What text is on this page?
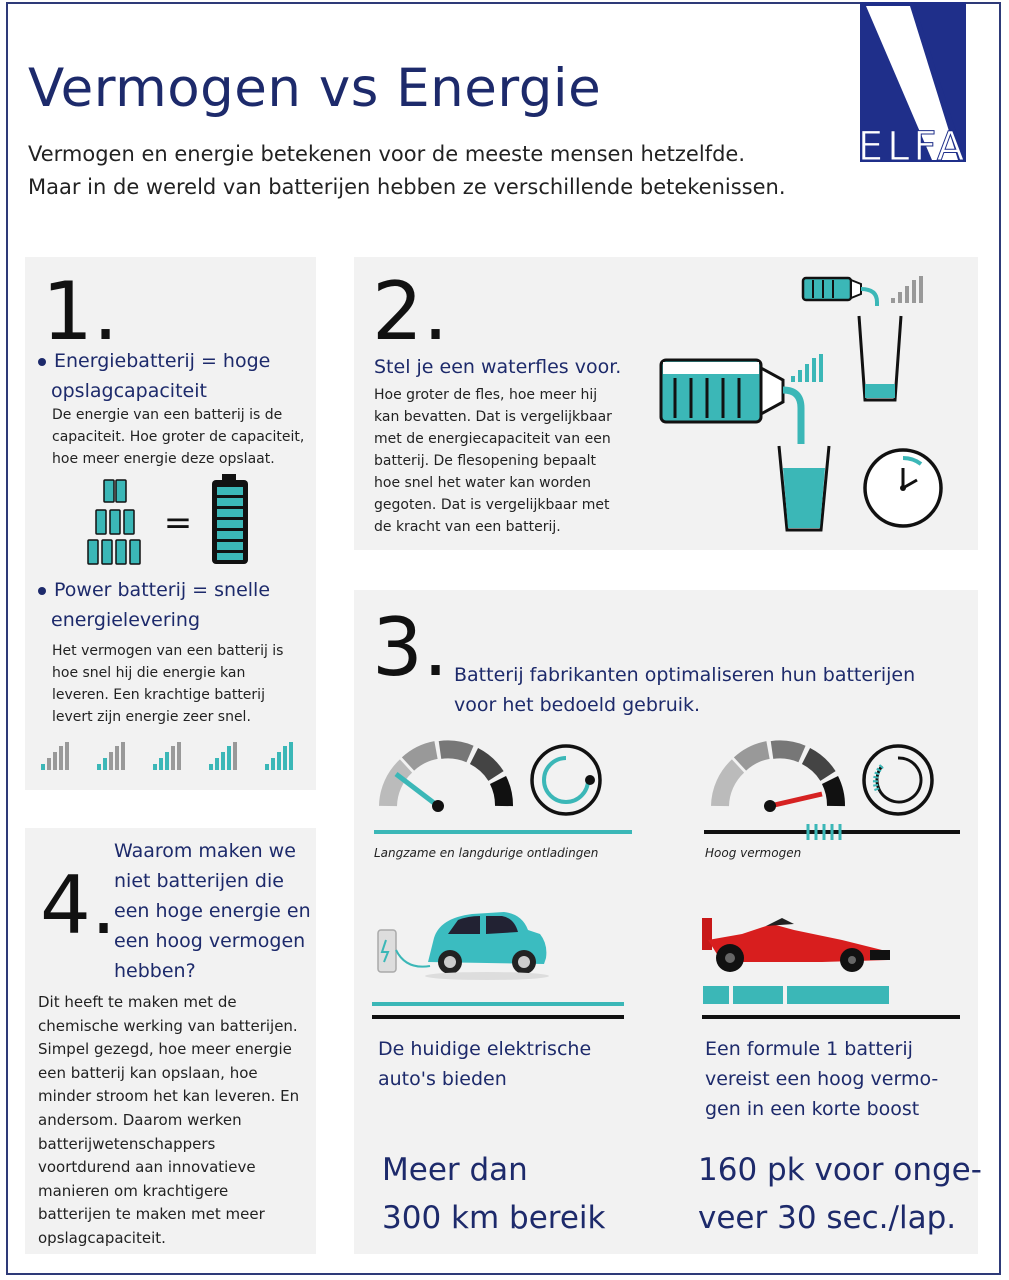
Vermogen vs Energie
Vermogen en energie betekenen voor de meeste mensen hetzelfde.
Maar in de wereld van batterijen hebben ze verschillende betekenissen.
ELFA
1.
Energiebatterij = hoge
opslagcapaciteit
De energie van een batterij is de
capaciteit. Hoe groter de capaciteit,
hoe meer energie deze opslaat.
=
Power batterij = snelle
energielevering
Het vermogen van een batterij is
hoe snel hij die energie kan
leveren. Een krachtige batterij
levert zijn energie zeer snel.
2.
Stel je een waterfles voor.
Hoe groter de fles, hoe meer hij
kan bevatten. Dat is vergelijkbaar
met de energiecapaciteit van een
batterij. De flesopening bepaalt
hoe snel het water kan worden
gegoten. Dat is vergelijkbaar met
de kracht van een batterij.
3. Batterij fabrikanten optimaliseren hun batterijen
voor het bedoeld gebruik.
Langzame en langdurige ontladingen	Hoog vermogen
De huidige elektrische
auto's bieden
Een formule 1 batterij
vereist een hoog vermo-
gen in een korte boost
Meer dan
300 km bereik
160 pk voor onge-
veer 30 sec./lap.
4.
Waarom maken we
niet batterijen die
een hoge energie en
een hoog vermogen
hebben?
Dit heeft te maken met de
chemische werking van batterijen.
Simpel gezegd, hoe meer energie
een batterij kan opslaan, hoe
minder stroom het kan leveren. En
andersom. Daarom werken
batterijwetenschappers
voortdurend aan innovatieve
manieren om krachtigere
batterijen te maken met meer
opslagcapaciteit.
